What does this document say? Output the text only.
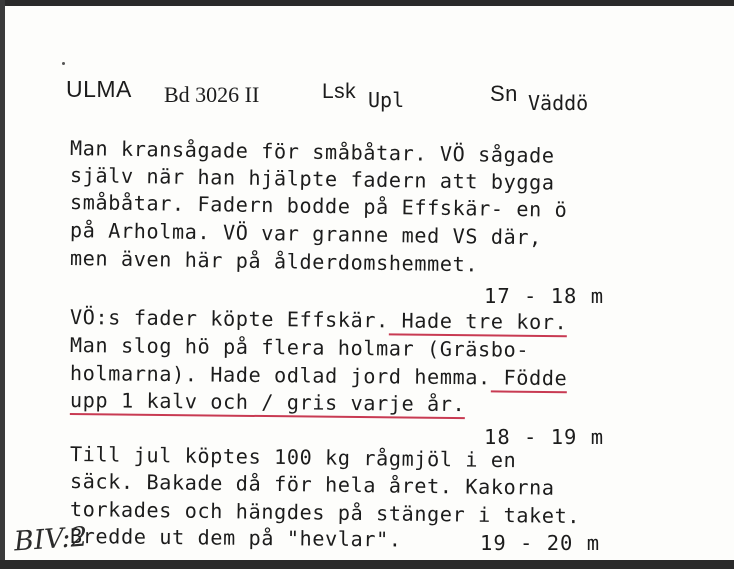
ULMA Bd 3026 II	Lsk Upl	Sn Väddö
Man kransågade för småbåtar. VÖ sågade
själv när han hjälpte fadern att bygga
småbåtar. Fadern bodde på Effskär- en ö
på Arholma. VÖ var granne med VS där,
men även här på ålderdomshemmet.
17 - 18 m
VÖ:s fader köpte Effskär. Hade tre kor.
Man slog hö på flera holmar (Gräsbo-
holmarna). Hade odlad jord hemma. Födde
upp 1 kalv och / gris varje år.
18 - 19 m
Till jul köptes 100 kg rågmjöl i en
säck. Bakade då för hela året. Kakorna
torkades och hängdes på stänger i taket.
Bredde ut dem på "hevlar".	19 - 20 m
BIV:2
